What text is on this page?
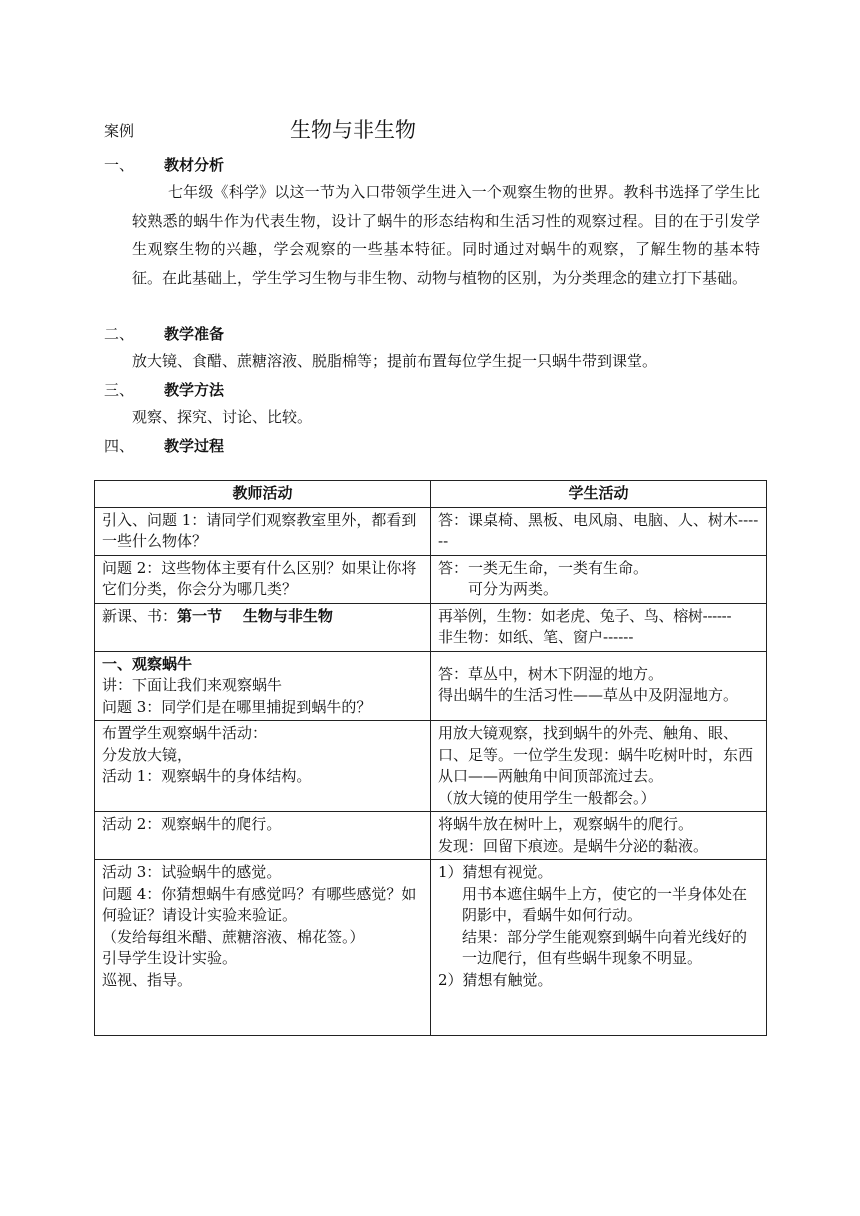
案例	生物与非生物
一、 教材分析
七年级《科学》以这一节为入口带领学生进入一个观察生物的世界。教科书选择了学生比较熟悉的蜗牛作为代表生物，设计了蜗牛的形态结构和生活习性的观察过程。目的在于引发学生观察生物的兴趣，学会观察的一些基本特征。同时通过对蜗牛的观察，了解生物的基本特征。在此基础上，学生学习生物与非生物、动物与植物的区别，为分类理念的建立打下基础。
二、 教学准备
放大镜、食醋、蔗糖溶液、脱脂棉等；提前布置每位学生捉一只蜗牛带到课堂。
三、 教学方法
观察、探究、讨论、比较。
四、 教学过程
教师活动	学生活动

引入、问题 1：请同学们观察教室里外，都看到一些什么物体？	答：课桌椅、黑板、电风扇、电脑、人、树木------

问题 2：这些物体主要有什么区别？如果让你将它们分类，你会分为哪几类？	答：一类无生命，一类有生命。
可分为两类。

新课、书：第一节    生物与非生物	再举例，生物：如老虎、兔子、鸟、榕树------
非生物：如纸、笔、窗户------

一、观察蜗牛
讲：下面让我们来观察蜗牛
问题 3：同学们是在哪里捕捉到蜗牛的？	答：草丛中，树木下阴湿的地方。
得出蜗牛的生活习性——草丛中及阴湿地方。

布置学生观察蜗牛活动：
分发放大镜，
活动 1：观察蜗牛的身体结构。	用放大镜观察，找到蜗牛的外壳、触角、眼、口、足等。一位学生发现：蜗牛吃树叶时，东西从口——两触角中间顶部流过去。
（放大镜的使用学生一般都会。）

活动 2：观察蜗牛的爬行。	将蜗牛放在树叶上，观察蜗牛的爬行。
发现：回留下痕迹。是蜗牛分泌的黏液。

活动 3：试验蜗牛的感觉。
问题 4：你猜想蜗牛有感觉吗？有哪些感觉？如何验证？请设计实验来验证。
（发给每组米醋、蔗糖溶液、棉花签。）
引导学生设计实验。
巡视、指导。	1）猜想有视觉。
用书本遮住蜗牛上方，使它的一半身体处在阴影中，看蜗牛如何行动。
结果：部分学生能观察到蜗牛向着光线好的一边爬行，但有些蜗牛现象不明显。
2）猜想有触觉。
